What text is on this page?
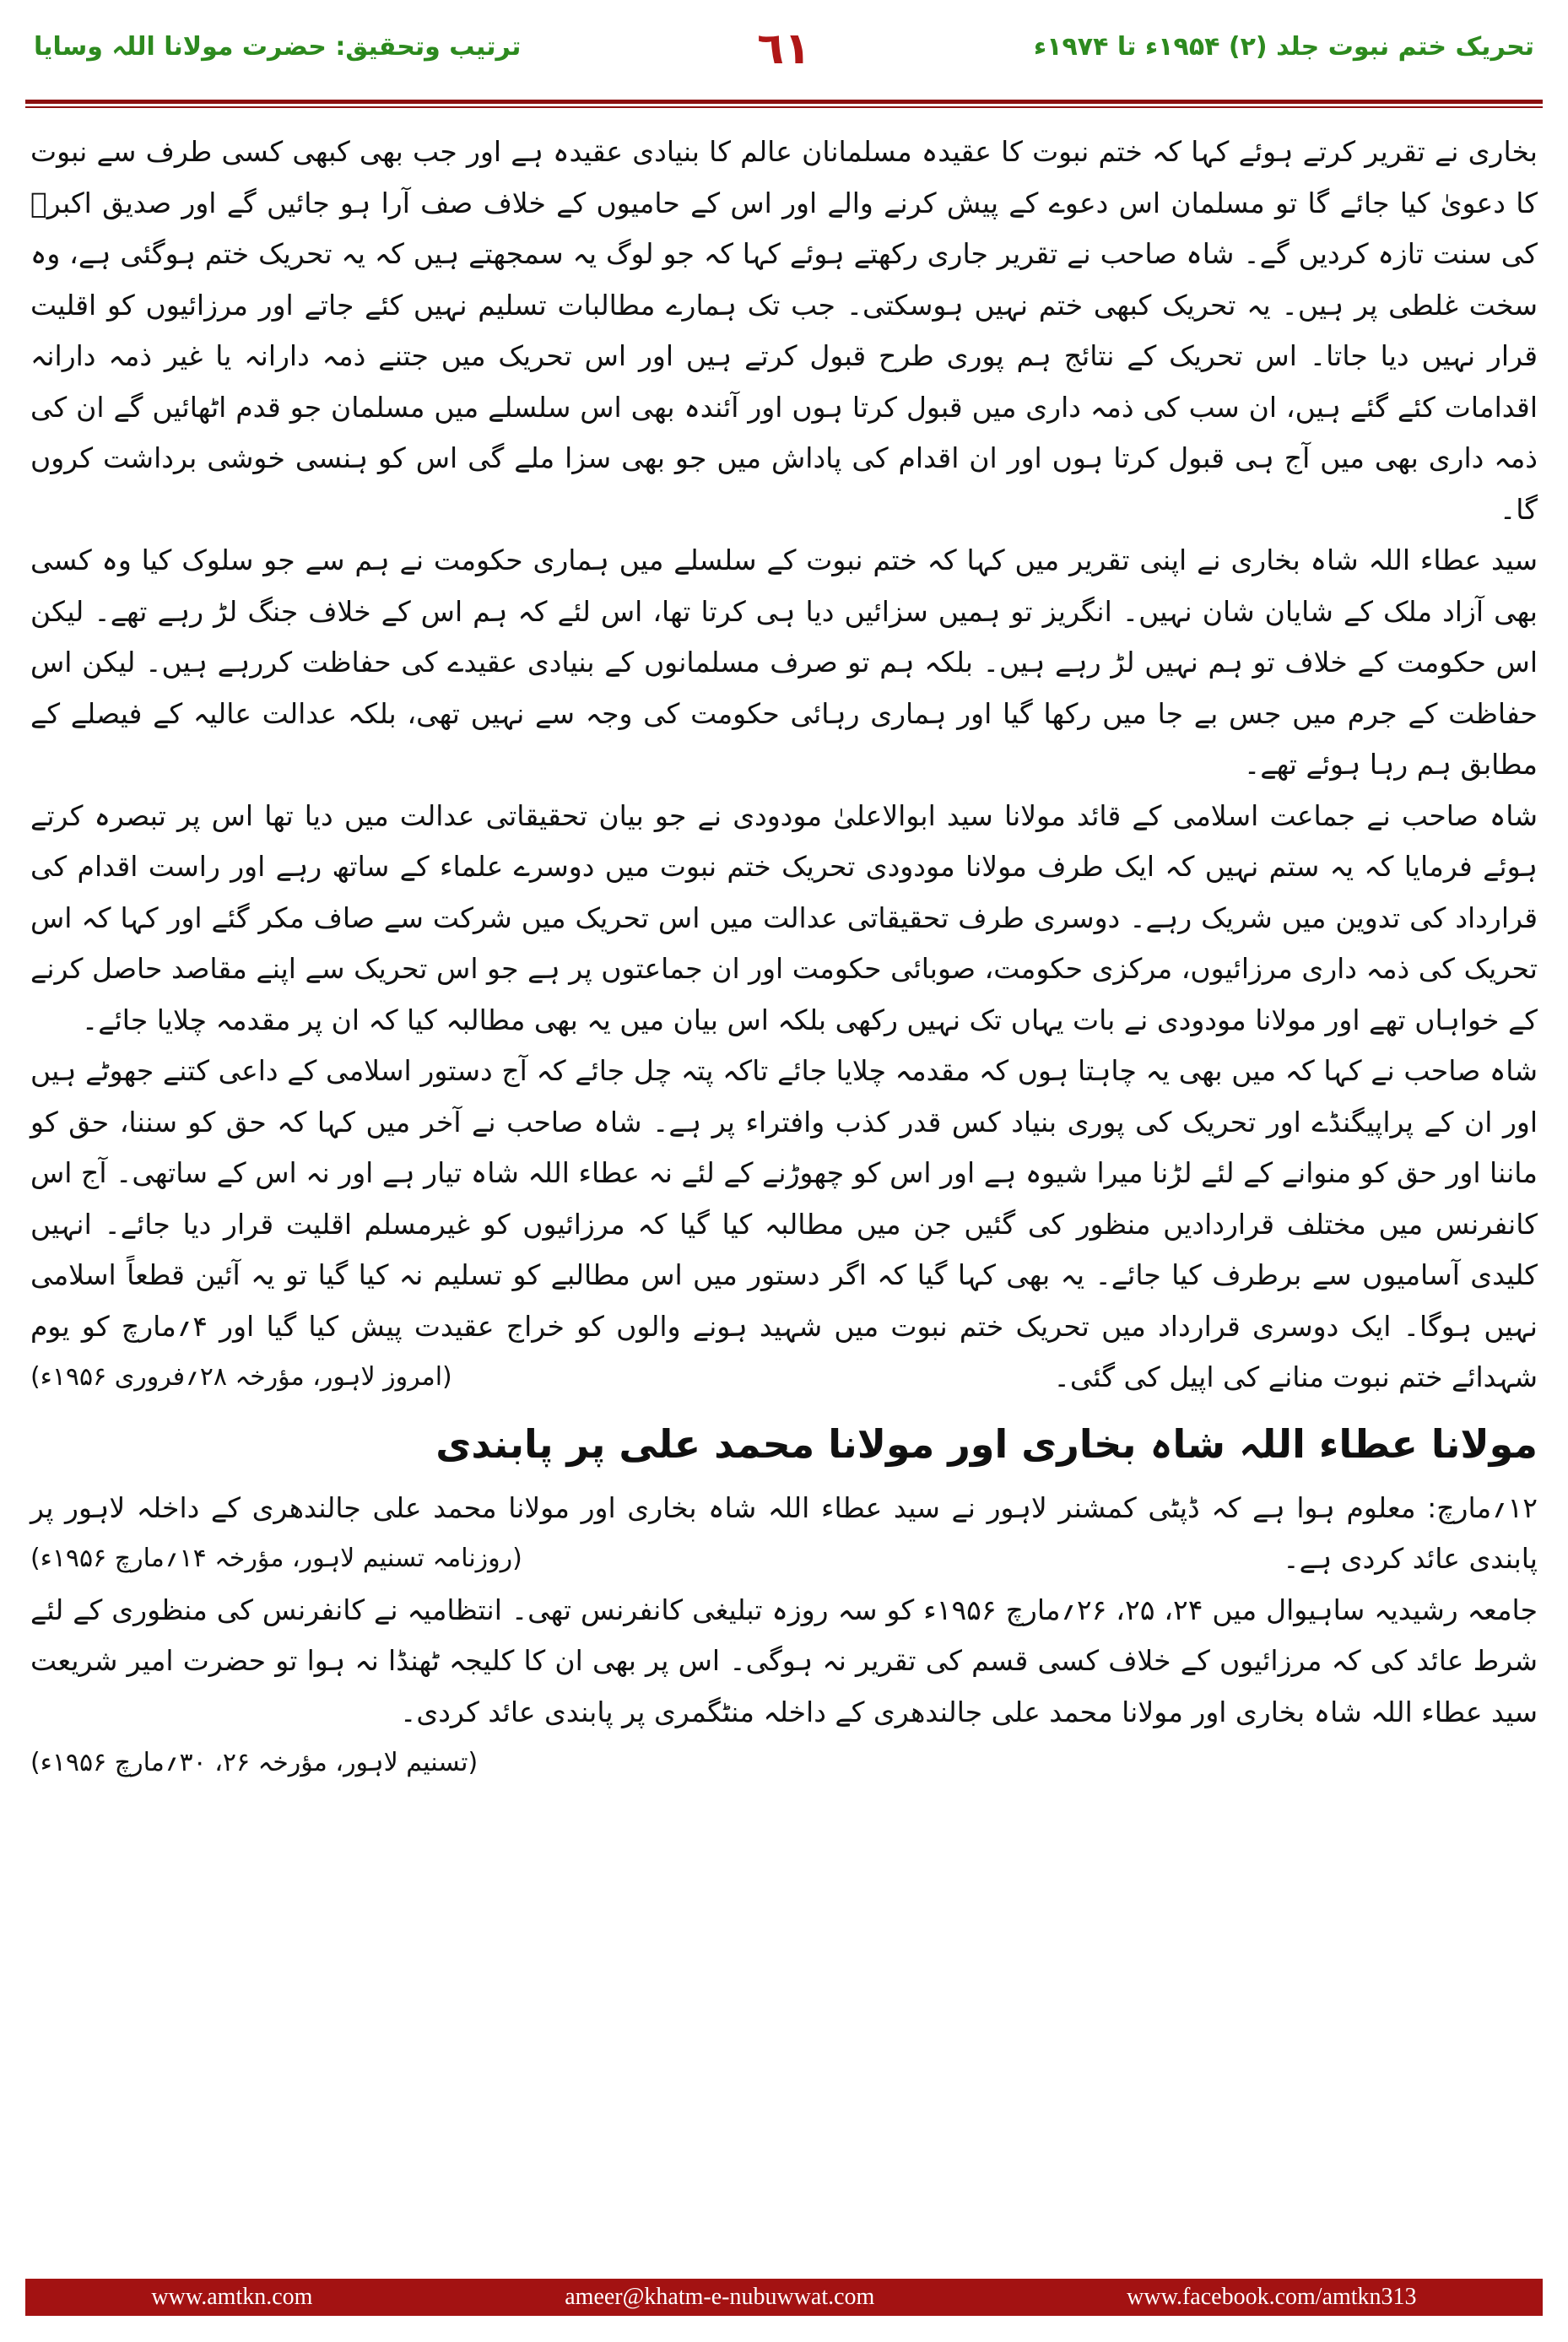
تحریک ختم نبوت جلد (۲) ۱۹۵۴ء تا ۱۹۷۴ء
٦١
ترتیب وتحقیق: حضرت مولانا اللہ وسایا

بخاری نے تقریر کرتے ہوئے کہا کہ ختم نبوت کا عقیدہ مسلمانان عالم کا بنیادی عقیدہ ہے اور جب بھی کبھی کسی طرف سے نبوت کا دعویٰ کیا جائے گا تو مسلمان اس دعوے کے پیش کرنے والے اور اس کے حامیوں کے خلاف صف آرا ہو جائیں گے اور صدیق اکبرؓ کی سنت تازہ کردیں گے۔ شاہ صاحب نے تقریر جاری رکھتے ہوئے کہا کہ جو لوگ یہ سمجھتے ہیں کہ یہ تحریک ختم ہوگئی ہے، وہ سخت غلطی پر ہیں۔ یہ تحریک کبھی ختم نہیں ہوسکتی۔ جب تک ہمارے مطالبات تسلیم نہیں کئے جاتے اور مرزائیوں کو اقلیت قرار نہیں دیا جاتا۔ اس تحریک کے نتائج ہم پوری طرح قبول کرتے ہیں اور اس تحریک میں جتنے ذمہ دارانہ یا غیر ذمہ دارانہ اقدامات کئے گئے ہیں، ان سب کی ذمہ داری میں قبول کرتا ہوں اور آئندہ بھی اس سلسلے میں مسلمان جو قدم اٹھائیں گے ان کی ذمہ داری بھی میں آج ہی قبول کرتا ہوں اور ان اقدام کی پاداش میں جو بھی سزا ملے گی اس کو ہنسی خوشی برداشت کروں گا۔

سید عطاء اللہ شاہ بخاری نے اپنی تقریر میں کہا کہ ختم نبوت کے سلسلے میں ہماری حکومت نے ہم سے جو سلوک کیا وہ کسی بھی آزاد ملک کے شایان شان نہیں۔ انگریز تو ہمیں سزائیں دیا ہی کرتا تھا، اس لئے کہ ہم اس کے خلاف جنگ لڑ رہے تھے۔ لیکن اس حکومت کے خلاف تو ہم نہیں لڑ رہے ہیں۔ بلکہ ہم تو صرف مسلمانوں کے بنیادی عقیدے کی حفاظت کررہے ہیں۔ لیکن اس حفاظت کے جرم میں جس بے جا میں رکھا گیا اور ہماری رہائی حکومت کی وجہ سے نہیں تھی، بلکہ عدالت عالیہ کے فیصلے کے مطابق ہم رہا ہوئے تھے۔

شاہ صاحب نے جماعت اسلامی کے قائد مولانا سید ابوالاعلیٰ مودودی نے جو بیان تحقیقاتی عدالت میں دیا تھا اس پر تبصرہ کرتے ہوئے فرمایا کہ یہ ستم نہیں کہ ایک طرف مولانا مودودی تحریک ختم نبوت میں دوسرے علماء کے ساتھ رہے اور راست اقدام کی قرارداد کی تدوین میں شریک رہے۔ دوسری طرف تحقیقاتی عدالت میں اس تحریک میں شرکت سے صاف مکر گئے اور کہا کہ اس تحریک کی ذمہ داری مرزائیوں، مرکزی حکومت، صوبائی حکومت اور ان جماعتوں پر ہے جو اس تحریک سے اپنے مقاصد حاصل کرنے کے خواہاں تھے اور مولانا مودودی نے بات یہاں تک نہیں رکھی بلکہ اس بیان میں یہ بھی مطالبہ کیا کہ ان پر مقدمہ چلایا جائے۔

شاہ صاحب نے کہا کہ میں بھی یہ چاہتا ہوں کہ مقدمہ چلایا جائے تاکہ پتہ چل جائے کہ آج دستور اسلامی کے داعی کتنے جھوٹے ہیں اور ان کے پراپیگنڈے اور تحریک کی پوری بنیاد کس قدر کذب وافتراء پر ہے۔ شاہ صاحب نے آخر میں کہا کہ حق کو سننا، حق کو ماننا اور حق کو منوانے کے لئے لڑنا میرا شیوہ ہے اور اس کو چھوڑنے کے لئے نہ عطاء اللہ شاہ تیار ہے اور نہ اس کے ساتھی۔ آج اس کانفرنس میں مختلف قراردادیں منظور کی گئیں جن میں مطالبہ کیا گیا کہ مرزائیوں کو غیرمسلم اقلیت قرار دیا جائے۔ انہیں کلیدی آسامیوں سے برطرف کیا جائے۔ یہ بھی کہا گیا کہ اگر دستور میں اس مطالبے کو تسلیم نہ کیا گیا تو یہ آئین قطعاً اسلامی نہیں ہوگا۔ ایک دوسری قرارداد میں تحریک ختم نبوت میں شہید ہونے والوں کو خراج عقیدت پیش کیا گیا اور ۴؍مارچ کو یوم شہدائے ختم نبوت منانے کی اپیل کی گئی۔
(امروز لاہور، مؤرخہ ۲۸؍فروری ۱۹۵۶ء)

مولانا عطاء اللہ شاہ بخاری اور مولانا محمد علی پر پابندی

۱۲؍مارچ: معلوم ہوا ہے کہ ڈپٹی کمشنر لاہور نے سید عطاء اللہ شاہ بخاری اور مولانا محمد علی جالندھری کے داخلہ لاہور پر پابندی عائد کردی ہے۔
(روزنامہ تسنیم لاہور، مؤرخہ ۱۴؍مارچ ۱۹۵۶ء)

جامعہ رشیدیہ ساہیوال میں ۲۴، ۲۵، ۲۶؍مارچ ۱۹۵۶ء کو سہ روزہ تبلیغی کانفرنس تھی۔ انتظامیہ نے کانفرنس کی منظوری کے لئے شرط عائد کی کہ مرزائیوں کے خلاف کسی قسم کی تقریر نہ ہوگی۔ اس پر بھی ان کا کلیجہ ٹھنڈا نہ ہوا تو حضرت امیر شریعت سید عطاء اللہ شاہ بخاری اور مولانا محمد علی جالندھری کے داخلہ منٹگمری پر پابندی عائد کردی۔
(تسنیم لاہور، مؤرخہ ۲۶، ۳۰؍مارچ ۱۹۵۶ء)

www.amtkn.com	ameer@khatm-e-nubuwwat.com	www.facebook.com/amtkn313
